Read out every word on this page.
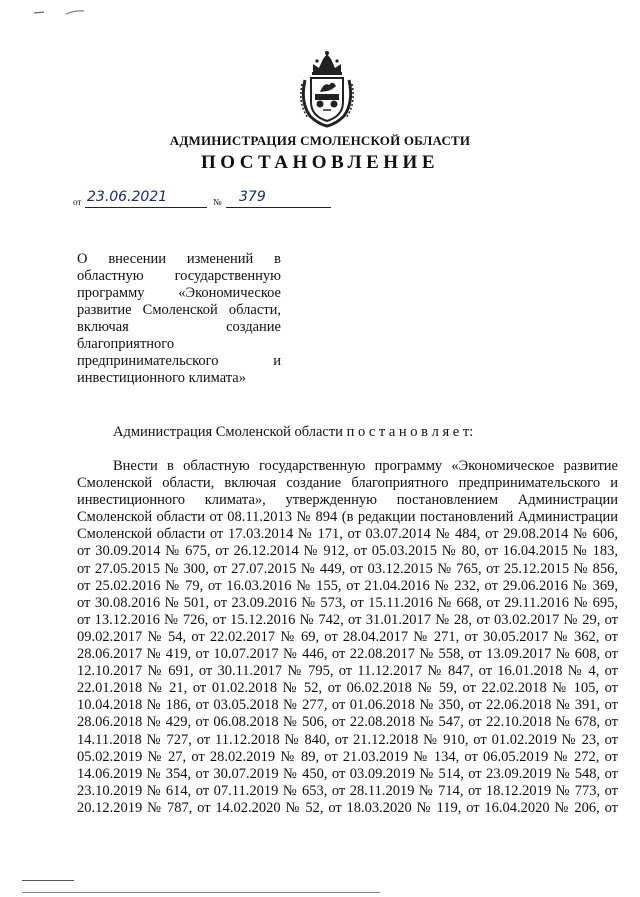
АДМИНИСТРАЦИЯ СМОЛЕНСКОЙ ОБЛАСТИ
ПОСТАНОВЛЕНИЕ
от 23.06.2021	№ 379
О внесении изменений в
областную государственную
программу «Экономическое
развитие Смоленской области,
включая создание
благоприятного
предпринимательского и
инвестиционного климата»
Администрация Смоленской области п о с т а н о в л я е т:
Внести в областную государственную программу «Экономическое развитие
Смоленской области, включая создание благоприятного предпринимательского и
инвестиционного климата», утвержденную постановлением Администрации
Смоленской области от 08.11.2013 № 894 (в редакции постановлений Администрации
Смоленской области от 17.03.2014 № 171, от 03.07.2014 № 484, от 29.08.2014 № 606,
от 30.09.2014 № 675, от 26.12.2014 № 912, от 05.03.2015 № 80, от 16.04.2015 № 183,
от 27.05.2015 № 300, от 27.07.2015 № 449, от 03.12.2015 № 765, от 25.12.2015 № 856,
от 25.02.2016 № 79, от 16.03.2016 № 155, от 21.04.2016 № 232, от 29.06.2016 № 369,
от 30.08.2016 № 501, от 23.09.2016 № 573, от 15.11.2016 № 668, от 29.11.2016 № 695,
от 13.12.2016 № 726, от 15.12.2016 № 742, от 31.01.2017 № 28, от 03.02.2017 № 29, от
09.02.2017 № 54, от 22.02.2017 № 69, от 28.04.2017 № 271, от 30.05.2017 № 362, от
28.06.2017 № 419, от 10.07.2017 № 446, от 22.08.2017 № 558, от 13.09.2017 № 608, от
12.10.2017 № 691, от 30.11.2017 № 795, от 11.12.2017 № 847, от 16.01.2018 № 4, от
22.01.2018 № 21, от 01.02.2018 № 52, от 06.02.2018 № 59, от 22.02.2018 № 105, от
10.04.2018 № 186, от 03.05.2018 № 277, от 01.06.2018 № 350, от 22.06.2018 № 391, от
28.06.2018 № 429, от 06.08.2018 № 506, от 22.08.2018 № 547, от 22.10.2018 № 678, от
14.11.2018 № 727, от 11.12.2018 № 840, от 21.12.2018 № 910, от 01.02.2019 № 23, от
05.02.2019 № 27, от 28.02.2019 № 89, от 21.03.2019 № 134, от 06.05.2019 № 272, от
14.06.2019 № 354, от 30.07.2019 № 450, от 03.09.2019 № 514, от 23.09.2019 № 548, от
23.10.2019 № 614, от 07.11.2019 № 653, от 28.11.2019 № 714, от 18.12.2019 № 773, от
20.12.2019 № 787, от 14.02.2020 № 52, от 18.03.2020 № 119, от 16.04.2020 № 206, от
